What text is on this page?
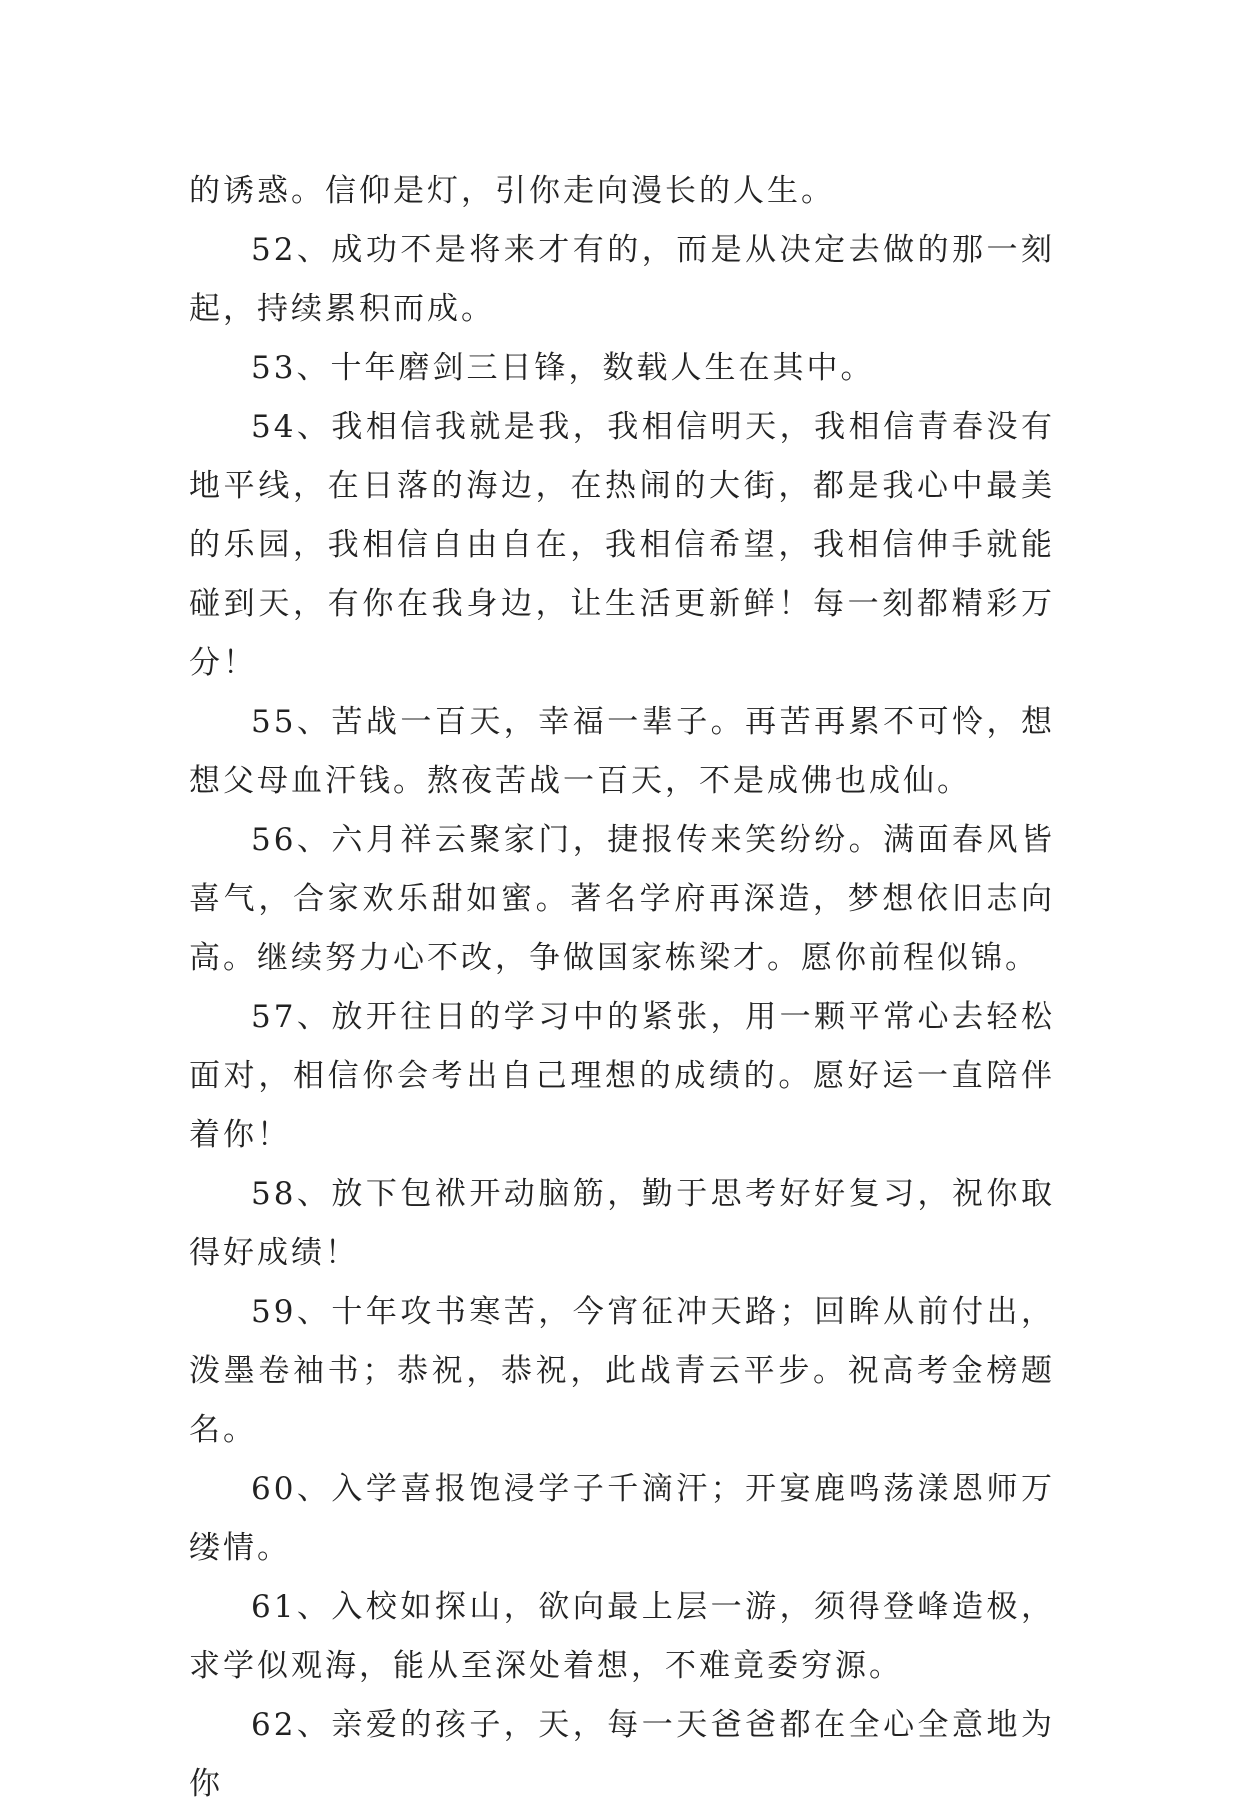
的诱惑。信仰是灯，引你走向漫长的人生。

52、成功不是将来才有的，而是从决定去做的那一刻起，持续累积而成。

53、十年磨剑三日锋，数载人生在其中。

54、我相信我就是我，我相信明天，我相信青春没有地平线，在日落的海边，在热闹的大街，都是我心中最美的乐园，我相信自由自在，我相信希望，我相信伸手就能碰到天，有你在我身边，让生活更新鲜！每一刻都精彩万分！

55、苦战一百天，幸福一辈子。再苦再累不可怜，想想父母血汗钱。熬夜苦战一百天，不是成佛也成仙。

56、六月祥云聚家门，捷报传来笑纷纷。满面春风皆喜气，合家欢乐甜如蜜。著名学府再深造，梦想依旧志向高。继续努力心不改，争做国家栋梁才。愿你前程似锦。

57、放开往日的学习中的紧张，用一颗平常心去轻松面对，相信你会考出自己理想的成绩的。愿好运一直陪伴着你！

58、放下包袱开动脑筋，勤于思考好好复习，祝你取得好成绩！

59、十年攻书寒苦，今宵征冲天路；回眸从前付出，泼墨卷袖书；恭祝，恭祝，此战青云平步。祝高考金榜题名。

60、入学喜报饱浸学子千滴汗；开宴鹿鸣荡漾恩师万缕情。

61、入校如探山，欲向最上层一游，须得登峰造极，求学似观海，能从至深处着想，不难竟委穷源。

62、亲爱的孩子，天，每一天爸爸都在全心全意地为你
